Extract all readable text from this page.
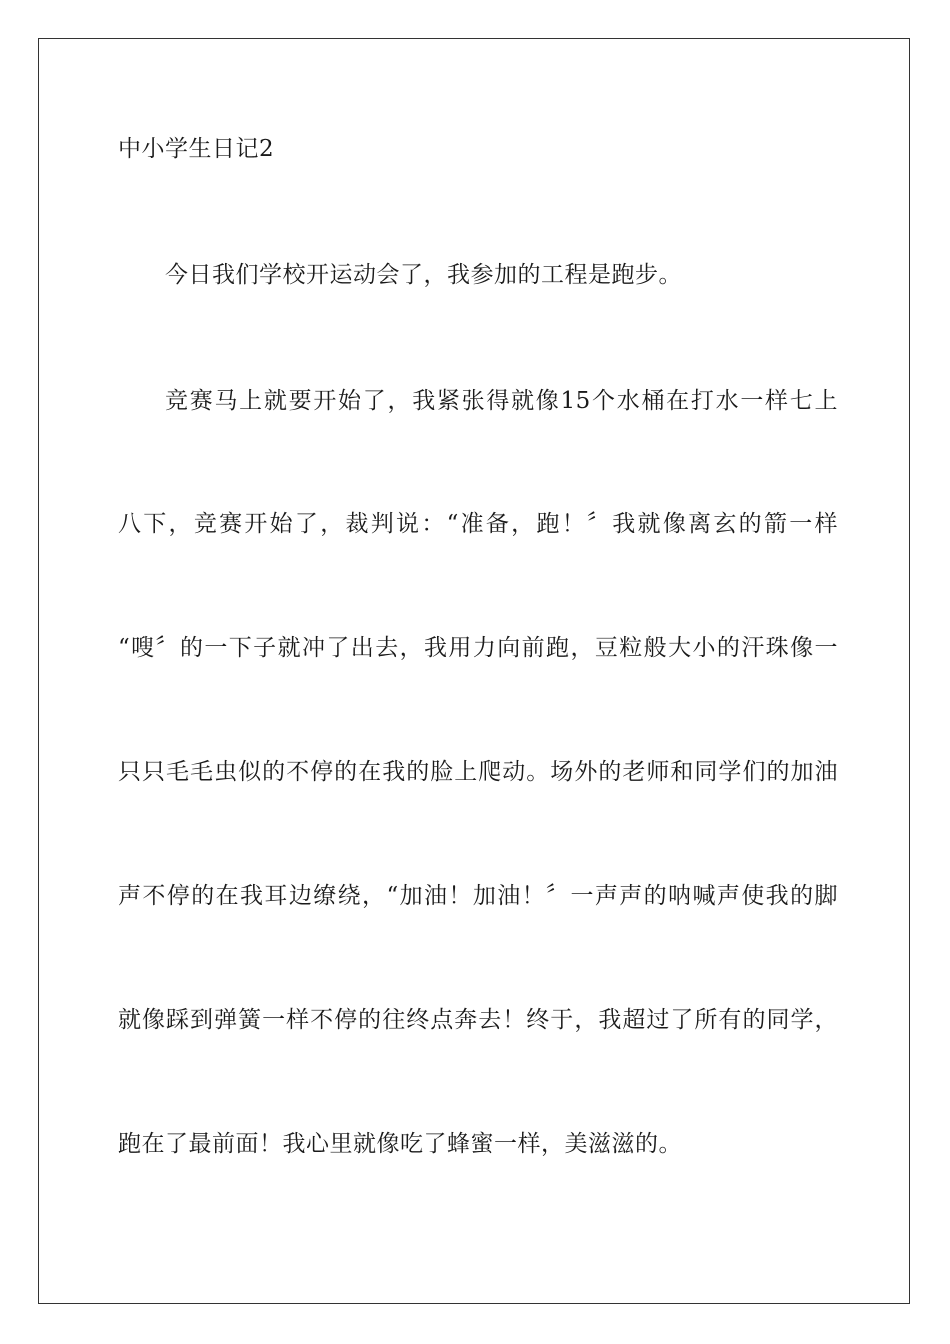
中小学生日记2
今日我们学校开运动会了，我参加的工程是跑步。
竞赛马上就要开始了，我紧张得就像15个水桶在打水一样七上
八下，竞赛开始了，裁判说：“准备，跑！〞我就像离玄的箭一样
“嗖〞的一下子就冲了出去，我用力向前跑，豆粒般大小的汗珠像一
只只毛毛虫似的不停的在我的脸上爬动。场外的老师和同学们的加油
声不停的在我耳边缭绕，“加油！加油！〞一声声的呐喊声使我的脚
就像踩到弹簧一样不停的往终点奔去！终于，我超过了所有的同学，
跑在了最前面！我心里就像吃了蜂蜜一样，美滋滋的。
